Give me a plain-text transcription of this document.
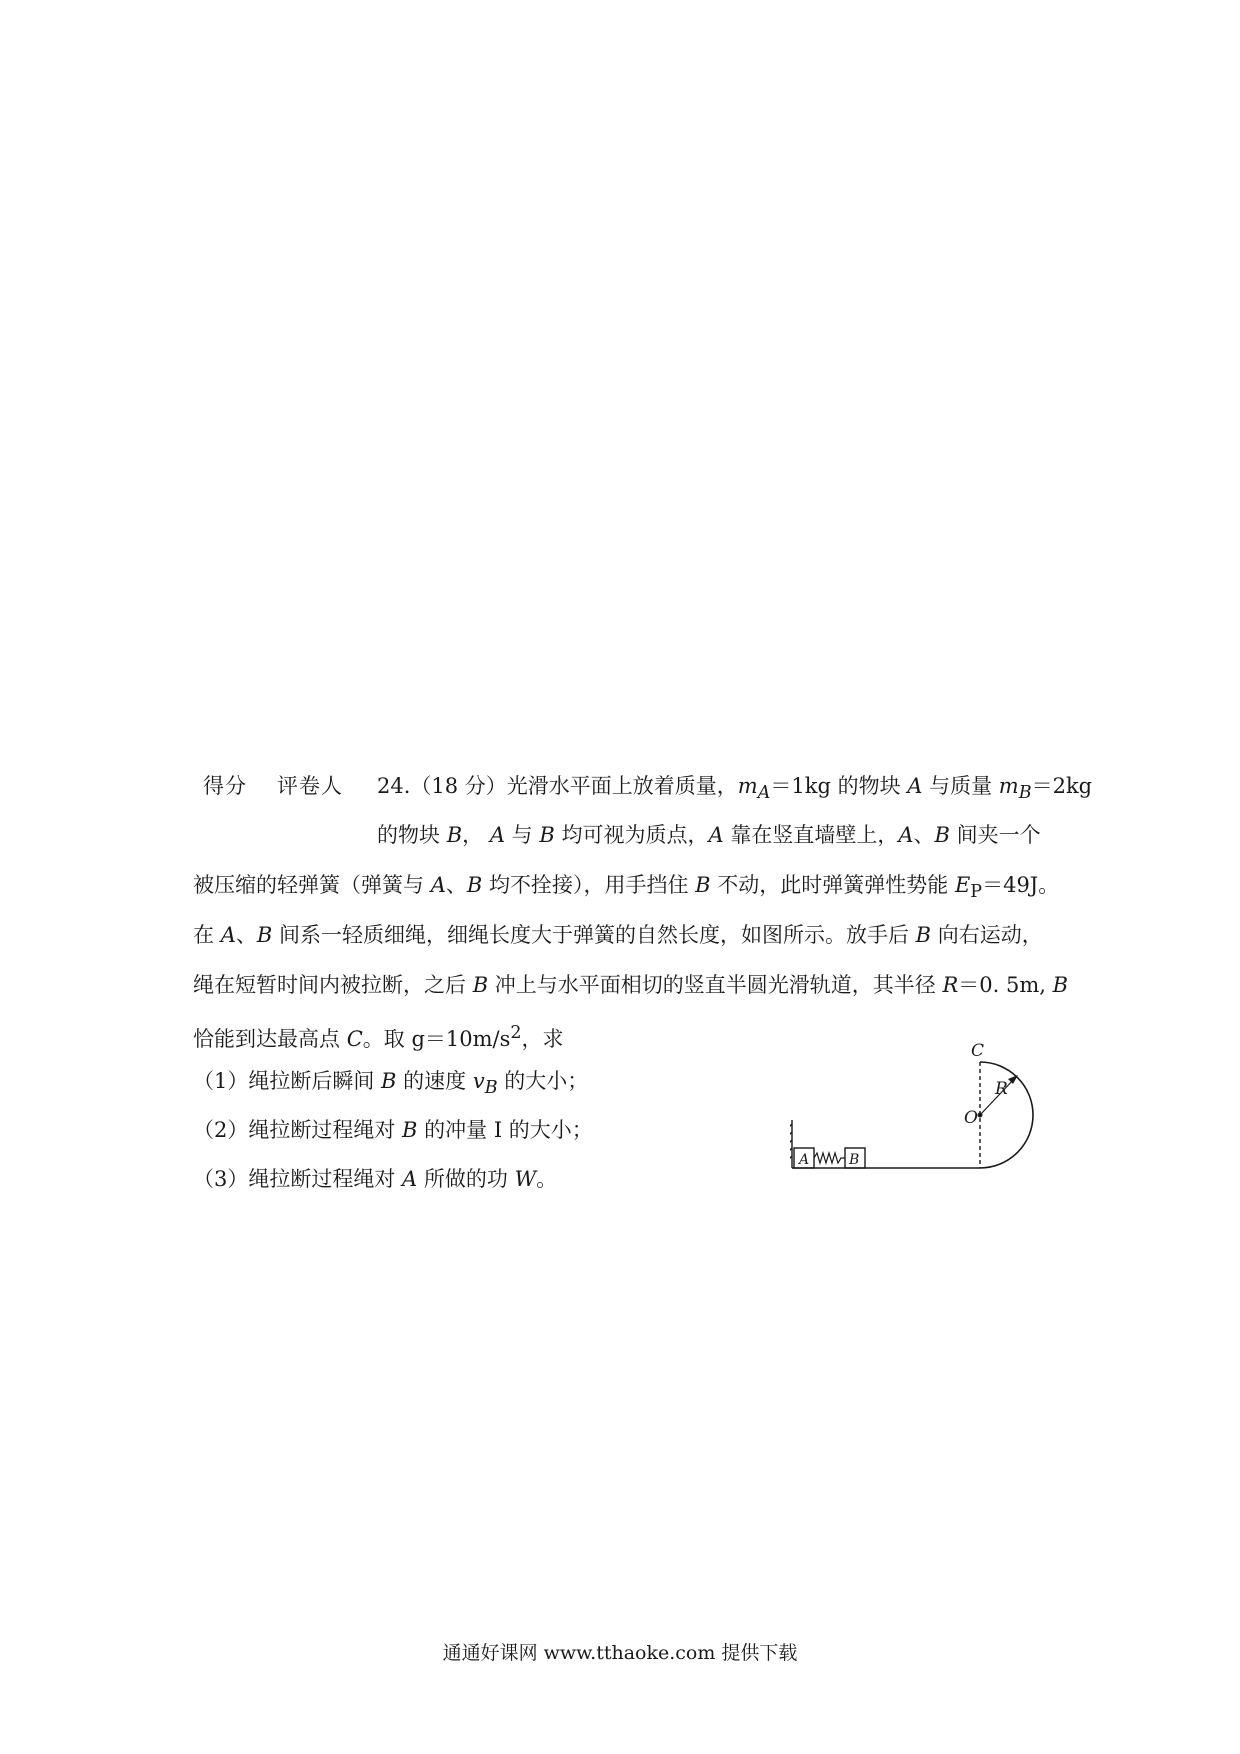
得分 评卷人 24.（18 分）光滑水平面上放着质量，$m_A=1kg$ 的物块 A 与质量 $m_B=2kg$
的物块 B， A 与 B 均可视为质点，A 靠在竖直墙壁上，A、B 间夹一个
被压缩的轻弹簧（弹簧与 A、B 均不拴接），用手挡住 B 不动，此时弹簧弹性势能 $E_P=49J$。
在 A、B 间系一轻质细绳，细绳长度大于弹簧的自然长度，如图所示。放手后 B 向右运动，
绳在短暂时间内被拉断，之后 B 冲上与水平面相切的竖直半圆光滑轨道，其半径 R＝0. 5m, B
恰能到达最高点 C。取 $g=10m/s^2$，求
（1）绳拉断后瞬间 B 的速度 $v_B$ 的大小；
（2）绳拉断过程绳对 B 的冲量 I 的大小；
（3）绳拉断过程绳对 A 所做的功 W。
A	B
C
R
O
通通好课网 www.tthaoke.com 提供下载
